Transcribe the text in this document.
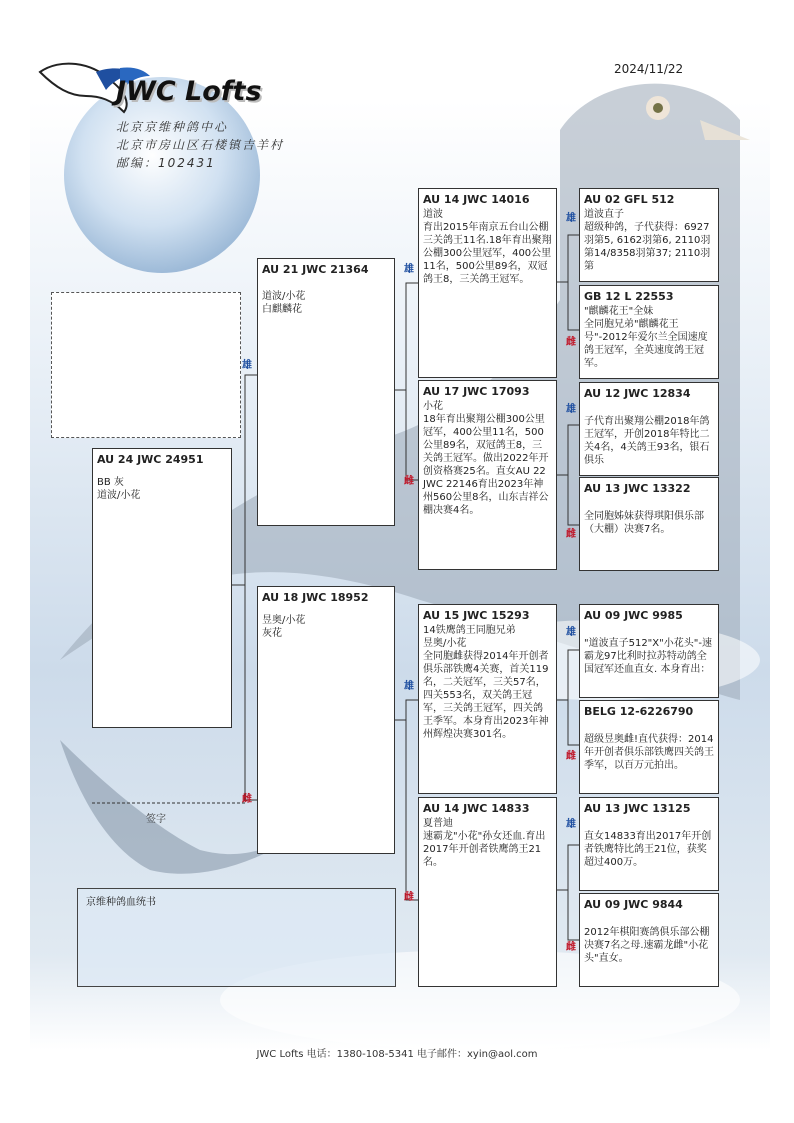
JWC Lofts
北京京维种鸽中心
北京市房山区石楼镇吉羊村
邮编：102431
2024/11/22
AU 24 JWC 24951
BB 灰
道波/小花
AU 21 JWC 21364
道波/小花
白麒麟花
AU 18 JWC 18952
昱奥/小花
灰花
雄
雌
AU 14 JWC 14016
道波
育出2015年南京五台山公棚三关鸽王11名.18年育出聚翔公棚300公里冠军，400公里11名，500公里89名，双冠鸽王8，三关鸽王冠军。
AU 17 JWC 17093
小花
18年育出聚翔公棚300公里冠军，400公里11名，500公里89名，双冠鸽王8，三关鸽王冠军。做出2022年开创资格赛25名。直女AU 22 JWC 22146育出2023年神州560公里8名，山东吉祥公棚决赛4名。
AU 15 JWC 15293
14铁鹰鸽王同胞兄弟
昱奥/小花
全同胞雌获得2014年开创者俱乐部铁鹰4关赛，首关119名，二关冠军，三关57名，四关553名，双关鸽王冠军，三关鸽王冠军，四关鸽王季军。本身育出2023年神州辉煌决赛301名。
AU 14 JWC 14833
夏普迪
速霸龙"小花"孙女还血.育出2017年开创者铁鹰鸽王21名。
雄
雌
雄
雌
AU 02 GFL 512
道波直子
超级种鸽，子代获得：6927羽第5, 6162羽第6, 2110羽第14/8358羽第37; 2110羽第
GB 12 L 22553
"麒麟花王"全妹
全同胞兄弟"麒麟花王号"-2012年爱尔兰全国速度鸽王冠军，全英速度鸽王冠军。
AU 12 JWC 12834

子代育出聚翔公棚2018年鸽王冠军，开创2018年特比二关4名，4关鸽王93名，银石俱乐
AU 13 JWC 13322

全同胞姊妹获得琪阳俱乐部（大棚）决赛7名。
AU 09 JWC 9985

"道波直子512"X"小花头"-速霸龙97比利时拉苏特动鸽全国冠军还血直女. 本身育出：
BELG 12-6226790

超级昱奥雌!直代获得：2014年开创者俱乐部铁鹰四关鸽王季军，以百万元拍出。
AU 13 JWC 13125

直女14833育出2017年开创者铁鹰特比鸽王21位，获奖超过400万。
AU 09 JWC 9844

2012年棋阳赛鸽俱乐部公棚决赛7名之母.速霸龙雌"小花头"直女。
雄
雌
雄
雌
雄
雌
雄
雌
签字
京维种鸽血统书
JWC Lofts 电话：1380-108-5341 电子邮件：xyin@aol.com
